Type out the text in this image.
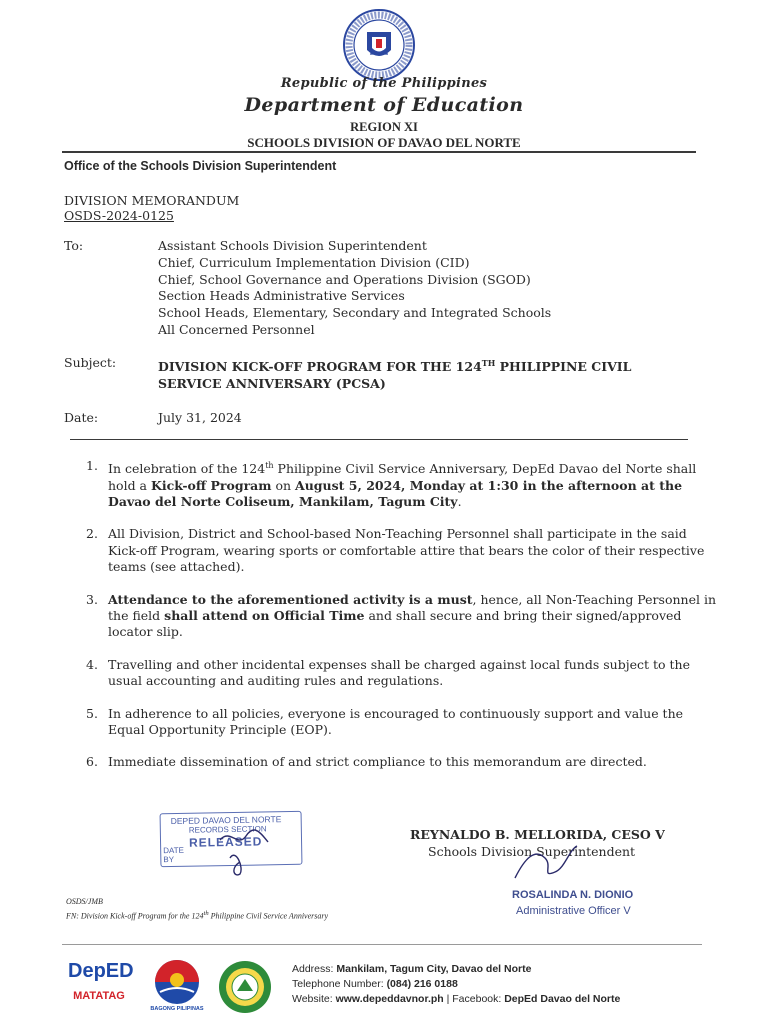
Republic of the Philippines
Department of Education
REGION XI
SCHOOLS DIVISION OF DAVAO DEL NORTE
Office of the Schools Division Superintendent
DIVISION MEMORANDUM
OSDS-2024-0125
To:	Assistant Schools Division Superintendent
Chief, Curriculum Implementation Division (CID)
Chief, School Governance and Operations Division (SGOD)
Section Heads Administrative Services
School Heads, Elementary, Secondary and Integrated Schools
All Concerned Personnel
Subject:	DIVISION KICK-OFF PROGRAM FOR THE 124TH PHILIPPINE CIVIL
SERVICE ANNIVERSARY (PCSA)
Date:	July 31, 2024
1. In celebration of the 124th Philippine Civil Service Anniversary, DepEd Davao del Norte shall hold a Kick-off Program on August 5, 2024, Monday at 1:30 in the afternoon at the Davao del Norte Coliseum, Mankilam, Tagum City.
2. All Division, District and School-based Non-Teaching Personnel shall participate in the said Kick-off Program, wearing sports or comfortable attire that bears the color of their respective teams (see attached).
3. Attendance to the aforementioned activity is a must, hence, all Non-Teaching Personnel in the field shall attend on Official Time and shall secure and bring their signed/approved locator slip.
4. Travelling and other incidental expenses shall be charged against local funds subject to the usual accounting and auditing rules and regulations.
5. In adherence to all policies, everyone is encouraged to continuously support and value the Equal Opportunity Principle (EOP).
6. Immediate dissemination of and strict compliance to this memorandum are directed.
DEPED DAVAO DEL NORTE
RECORDS SECTION
RELEASED
DATE
BY
REYNALDO B. MELLORIDA, CESO V
Schools Division Superintendent
ROSALINDA N. DIONIO
Administrative Officer V
OSDS/JMB
FN: Division Kick-off Program for the 124th Philippine Civil Service Anniversary
DepED
MATATAG
BAGONG PILIPINAS
Address: Mankilam, Tagum City, Davao del Norte
Telephone Number: (084) 216 0188
Website: www.depeddavnor.ph | Facebook: DepEd Davao del Norte
